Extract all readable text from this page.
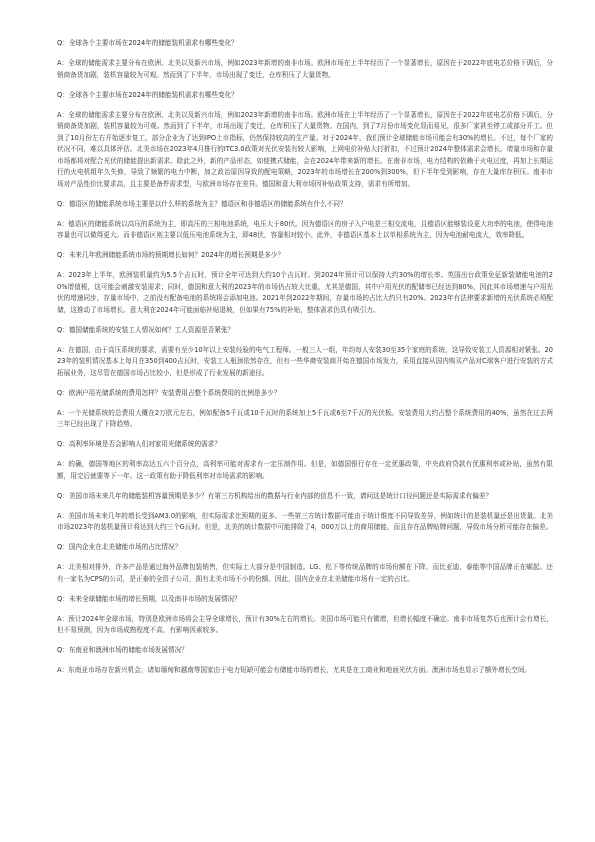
Q：全球各个主要市场在2024年的储能装机需求有哪些变化？

A：全球的储能需求主要分布在欧洲、北美以及新兴市场，例如2023年新增的南非市场。欧洲市场在上半年经历了一个显著增长，原因在于2022年底电芯价格下调后，分销商备货加剧，装机容量较为可观。然而到了下半年，市场出现了变迁，仓库积压了大量货物。

Q：全球各个主要市场在2024年的储能装机需求有哪些变化？

A：全球的储能需求主要分布在欧洲、北美以及新兴市场，例如2023年新增的南非市场。欧洲市场在上半年经历了一个显著增长，原因在于2022年底电芯价格下调后，分销商备货加剧，装机容量较为可观。然而到了下半年，市场出现了变迁，仓库积压了大量货物。在国内，到了7月份市场变化显而易见，很多厂家甚至停工或部分开工。但到了10月份左右开始逐步复工，部分企业为了达到IPO上市指标，仍然保持较高的生产量。对于2024年，我们预计全球储能市场可能会有30%的增长。不过，每个厂家的状况不同，难以具体评估。北美市场在2023年4月推行的ITC3.0政策对光伏安装有较大影响，上网电价补贴大打折扣，不过预计2024年整体需求会增长。增量市场和存量市场都将对配合光伏的储能提出新需求。除此之外，新的产品形态，如便携式储能，会在2024年带来新的增长。在南非市场，电力结构的依赖于火电过度，再加上长期运行的火电机组年久失修，导致了频繁的电力中断，加之政治原因导致的配电策略，2023年的市场增长在200%到300%，但下半年受到影响，存在大量库存积压。南非市场对产品性价比要求高，且主要是备件需求型，与欧洲市场存在差异。德国和意大利市场因补贴政策支持，需求有所增加。

Q：德语区的储能系统市场主要是以什么样的系统为主？德语区和非德语区的储能系统有什么不同？

A：德语区的储能系统以高压的系统为主，即高压的三相电池系统，电压大于80伏。因为德语区的房子入户电是三相交流电，且德语区能够装设更大功率的电池，使得电池容量也可以做得更大。而非德语区则主要以低压电池系统为主，即48伏，容量相对较小。此外，非德语区基本上以单相系统为主，因为电池耐电流大，效率降低。

Q：未来几年欧洲储能系统市场的预期增长如何？2024年的增长预期是多少？

A：2023年上半年，欧洲装机量约为5.5个吉瓦时，预计全年可达到大约10个吉瓦时。到2024年预计可以保持大约30%的增长率。英国出台政策免征新装储能电池的20%增值税，这可能会刺激安装需求；同时，德国和意大利的2023年的市场仍占较大比重，尤其是德国，其中户用光伏的配储率已经达到80%，因此其市场增速与户用光伏的增速同步，存量市场中，之前没有配备电池的系统将会添加电池。2021年到2022年期间，存量市场的占比大约只有20%。2023年有法律要求新增的光伏系统必须配储，这推动了市场增长。意大利在2024年可能面临补贴退坡，但如果有75%的补贴，整体需求仍具有吸引力。

Q：德国储能系统的安装工人情况如何？工人资源是否紧张？

A：在德国，由于高压系统的要求，需要有至少10年以上安装经验的电气工程师。一般三人一组，年均每人安装30至35个家庭的系统，这导致安装工人资源相对紧张。2023年的装机情况基本上每月在350到400吉瓦时，安装工人瓶颈依然存在，但有一些华裔安装商开始在德国市场发力，采用直接从国内购买产品对C端客户进行安装的方式拓展业务，这尽管在德国市场占比较小，但是形成了行业发展的新途径。

Q：欧洲户用光储系统的费用怎样？安装费用占整个系统费用的比例是多少？

A：一个光储系统的总费用大概在2万欧元左右，例如配备5千瓦或10千瓦时的系统加上5千瓦或6至7千瓦的光伏板。安装费用大约占整个系统费用的40%，虽然在过去两三年已经出现了下降趋势。

Q：高利率环境是否会影响人们对家用光储系统的需求？

A：的确，德国等地区的利率高达五六个百分点，高利率可能对需求有一定压制作用。但是，如德国银行存在一定优惠政策，中央政府贷款有优惠利率或补贴，虽然有限额，用完后就要等下一年。这一政策有助于降低利率对市场需求的影响。

Q：美国市场未来几年的储能装机容量预期是多少？有第三方机构给出的数据与行业内部的信息不一致，请问这是统计口径问题还是实际需求有偏差？

A：美国市场未来几年的增长受到AM3.0的影响，但实际需求比预期的更多。一些第三方统计数据可能由于统计维度不同导致差异，例如统计的是装机量还是出货量。北美市场2023年的装机量预计将达到大约三个G瓦时。但是，北美的统计数据中可能排除了4，000万以上的商用储能，而且存在品牌贴牌问题，导致市场分析可能存在偏差。

Q：国内企业在北美储能市场的占比情况？

A：北美相对排外，许多产品是通过海外品牌包装销售，但实际上大部分是中国制造。LG、松下等传统品牌的市场份额在下降，而比亚迪、泰能等中国品牌正在崛起。还有一家名为CPS的公司，是正泰的全资子公司，拥有北美市场不小的份额。因此，国内企业在北美储能市场有一定的占比。

Q：未来全球储能市场的增长预期，以及南非市场的发展情况？

A：预计2024年全球市场，特别是欧洲市场将会主导全球增长，预计有30%左右的增长。美国市场可能只有微增，但增长幅度不确定。南非市场复苏后也预计会有增长，但不易预测，因为市场成熟程度不高，有影响因素较多。

Q：东南亚和澳洲市场的储能市场发展情况？

A：东南亚市场存在新兴机会，诸如缅甸和越南等国家由于电力短缺可能会有储能市场的增长，尤其是在工商业和地面光伏方面。澳洲市场也显示了额外增长空间。
